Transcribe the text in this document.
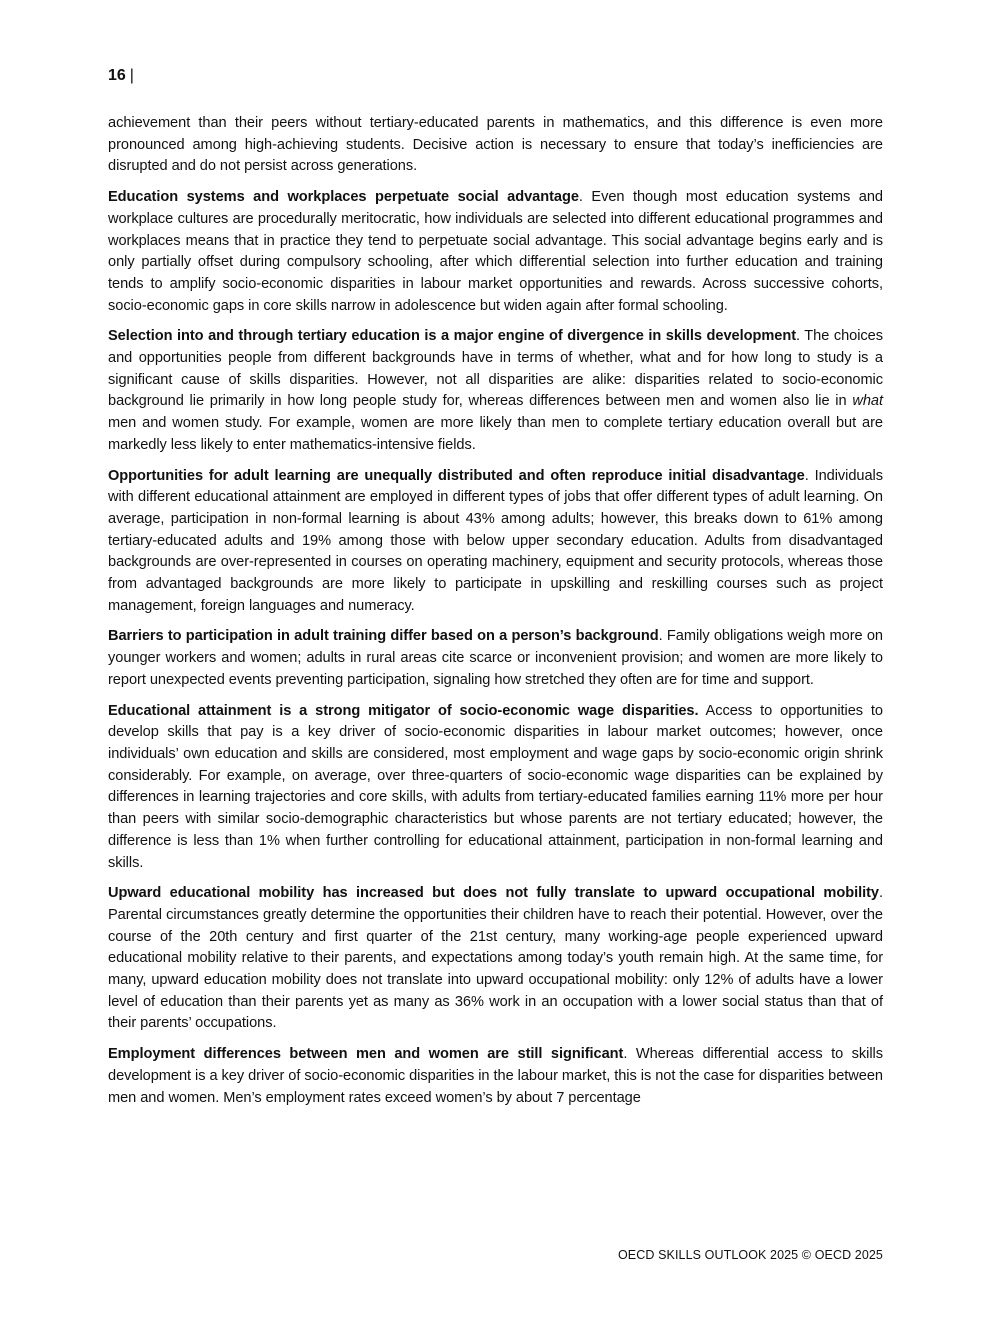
16 |

achievement than their peers without tertiary-educated parents in mathematics, and this difference is even more pronounced among high-achieving students. Decisive action is necessary to ensure that today’s inefficiencies are disrupted and do not persist across generations.

Education systems and workplaces perpetuate social advantage. Even though most education systems and workplace cultures are procedurally meritocratic, how individuals are selected into different educational programmes and workplaces means that in practice they tend to perpetuate social advantage. This social advantage begins early and is only partially offset during compulsory schooling, after which differential selection into further education and training tends to amplify socio-economic disparities in labour market opportunities and rewards. Across successive cohorts, socio-economic gaps in core skills narrow in adolescence but widen again after formal schooling.

Selection into and through tertiary education is a major engine of divergence in skills development. The choices and opportunities people from different backgrounds have in terms of whether, what and for how long to study is a significant cause of skills disparities. However, not all disparities are alike: disparities related to socio-economic background lie primarily in how long people study for, whereas differences between men and women also lie in what men and women study. For example, women are more likely than men to complete tertiary education overall but are markedly less likely to enter mathematics-intensive fields.

Opportunities for adult learning are unequally distributed and often reproduce initial disadvantage. Individuals with different educational attainment are employed in different types of jobs that offer different types of adult learning. On average, participation in non-formal learning is about 43% among adults; however, this breaks down to 61% among tertiary-educated adults and 19% among those with below upper secondary education. Adults from disadvantaged backgrounds are over-represented in courses on operating machinery, equipment and security protocols, whereas those from advantaged backgrounds are more likely to participate in upskilling and reskilling courses such as project management, foreign languages and numeracy.

Barriers to participation in adult training differ based on a person’s background. Family obligations weigh more on younger workers and women; adults in rural areas cite scarce or inconvenient provision; and women are more likely to report unexpected events preventing participation, signaling how stretched they often are for time and support.

Educational attainment is a strong mitigator of socio-economic wage disparities. Access to opportunities to develop skills that pay is a key driver of socio-economic disparities in labour market outcomes; however, once individuals’ own education and skills are considered, most employment and wage gaps by socio-economic origin shrink considerably. For example, on average, over three-quarters of socio-economic wage disparities can be explained by differences in learning trajectories and core skills, with adults from tertiary-educated families earning 11% more per hour than peers with similar socio-demographic characteristics but whose parents are not tertiary educated; however, the difference is less than 1% when further controlling for educational attainment, participation in non-formal learning and skills.

Upward educational mobility has increased but does not fully translate to upward occupational mobility. Parental circumstances greatly determine the opportunities their children have to reach their potential. However, over the course of the 20th century and first quarter of the 21st century, many working-age people experienced upward educational mobility relative to their parents, and expectations among today’s youth remain high. At the same time, for many, upward education mobility does not translate into upward occupational mobility: only 12% of adults have a lower level of education than their parents yet as many as 36% work in an occupation with a lower social status than that of their parents’ occupations.

Employment differences between men and women are still significant. Whereas differential access to skills development is a key driver of socio-economic disparities in the labour market, this is not the case for disparities between men and women. Men’s employment rates exceed women’s by about 7 percentage

OECD SKILLS OUTLOOK 2025 © OECD 2025
